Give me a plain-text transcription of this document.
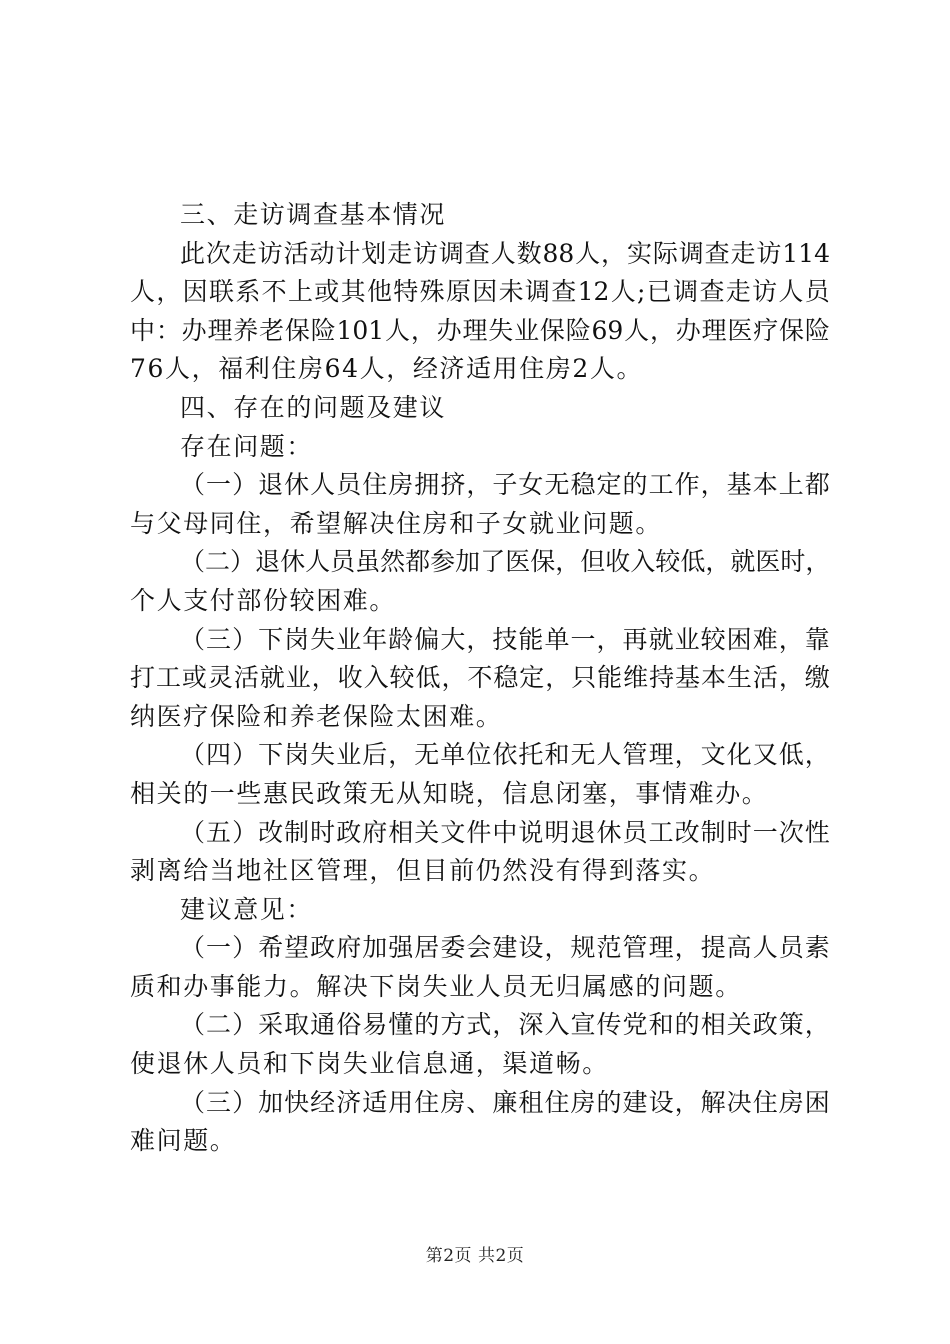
三、走访调查基本情况
此 次 走 访 活 动 计 划 走 访 调 查 人 数 88 人 ， 实 际 调 查 走 访 114
人 ， 因 联 系 不 上 或 其 他 特 殊 原 因 未 调 查 12 人 ; 已 调 查 走 访 人 员
中 ： 办 理 养 老 保 险 101 人 ， 办 理 失 业 保 险 69 人 ， 办 理 医 疗 保 险
76人，福利住房64人，经济适用住房2人。
四、存在的问题及建议
存在问题：
（ 一 ） 退 休 人 员 住 房 拥 挤 ， 子 女 无 稳 定 的 工 作 ， 基 本 上 都
与父母同住，希望解决住房和子女就业问题。
（ 二 ） 退 休 人 员 虽 然 都 参 加 了 医 保 ， 但 收 入 较 低 ， 就 医 时 ，
个人支付部份较困难。
（ 三 ） 下 岗 失 业 年 龄 偏 大 ， 技 能 单 一 ， 再 就 业 较 困 难 ， 靠
打 工 或 灵 活 就 业 ， 收 入 较 低 ， 不 稳 定 ， 只 能 维 持 基 本 生 活 ， 缴
纳医疗保险和养老保险太困难。
（ 四 ） 下 岗 失 业 后 ， 无 单 位 依 托 和 无 人 管 理 ， 文 化 又 低 ，
相关的一些惠民政策无从知晓，信息闭塞，事情难办。
（ 五 ） 改 制 时 政 府 相 关 文 件 中 说 明 退 休 员 工 改 制 时 一 次 性
剥离给当地社区管理，但目前仍然没有得到落实。
建议意见：
（ 一 ） 希 望 政 府 加 强 居 委 会 建 设 ， 规 范 管 理 ， 提 高 人 员 素
质和办事能力。解决下岗失业人员无归属感的问题。
（ 二 ） 采 取 通 俗 易 懂 的 方 式 ， 深 入 宣 传 党 和 的 相 关 政 策 ，
使退休人员和下岗失业信息通，渠道畅。
（ 三 ） 加 快 经 济 适 用 住 房 、 廉 租 住 房 的 建 设 ， 解 决 住 房 困
难问题。
第2页 共2页
